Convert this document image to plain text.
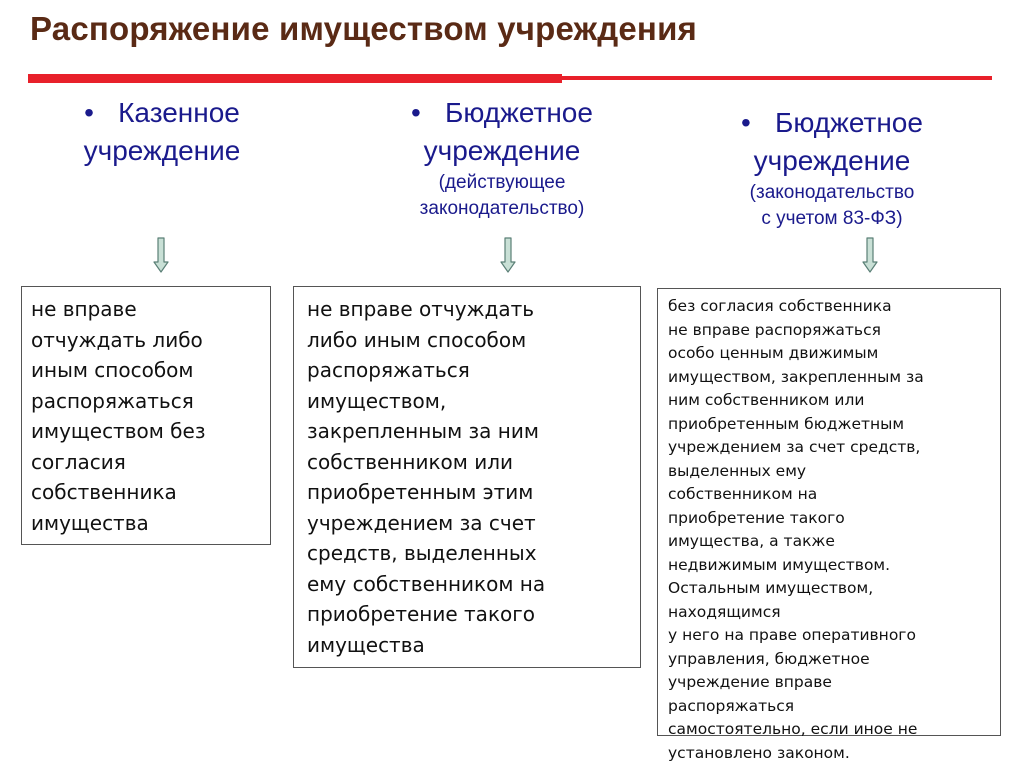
Распоряжение имуществом учреждения
• Казенное
учреждение
• Бюджетное
учреждение
(действующее
законодательство)
• Бюджетное
учреждение
(законодательство
с учетом 83-ФЗ)

не вправе

отчуждать либо

иным способом

распоряжаться

имуществом без

согласия

собственника

имущества

не вправе отчуждать

либо иным способом

распоряжаться

имуществом,

закрепленным за ним

собственником или

приобретенным этим

учреждением за счет

средств, выделенных

ему собственником на

приобретение такого

имущества

без согласия собственника

не вправе распоряжаться

особо ценным движимым

имуществом, закрепленным за

ним собственником или

приобретенным бюджетным

учреждением за счет средств,

выделенных ему

собственником на

приобретение такого

имущества, а также

недвижимым имуществом.

Остальным имуществом,

находящимся

у него на праве оперативного

управления, бюджетное

учреждение вправе

распоряжаться

самостоятельно, если иное не

установлено законом.
